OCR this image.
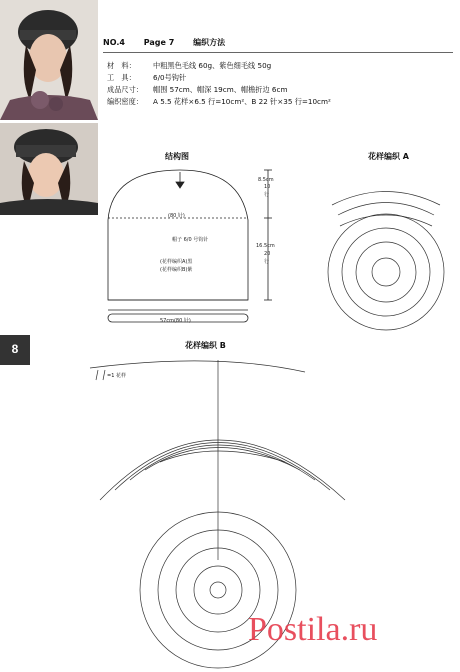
8
NO.4 Page 7 编织方法
材　料： 中粗黑色毛线 60g、紫色细毛线 50g
工　具： 6/0号钩针
成品尺寸： 帽围 57cm、帽深 19cm、帽檐折边 6cm
编织密度： A 5.5 花样×6.5 行=10cm²、B 22 针×35 行=10cm²
结构图
(80 针)
帽子 6/0 号钩针
(花样编织A)黑
(花样编织B)紫
8.5cm
10
行
16.5cm
20
行
57cm(80 针)
花样编织 A
花样编织 B
=1 花样
Postila.ru
